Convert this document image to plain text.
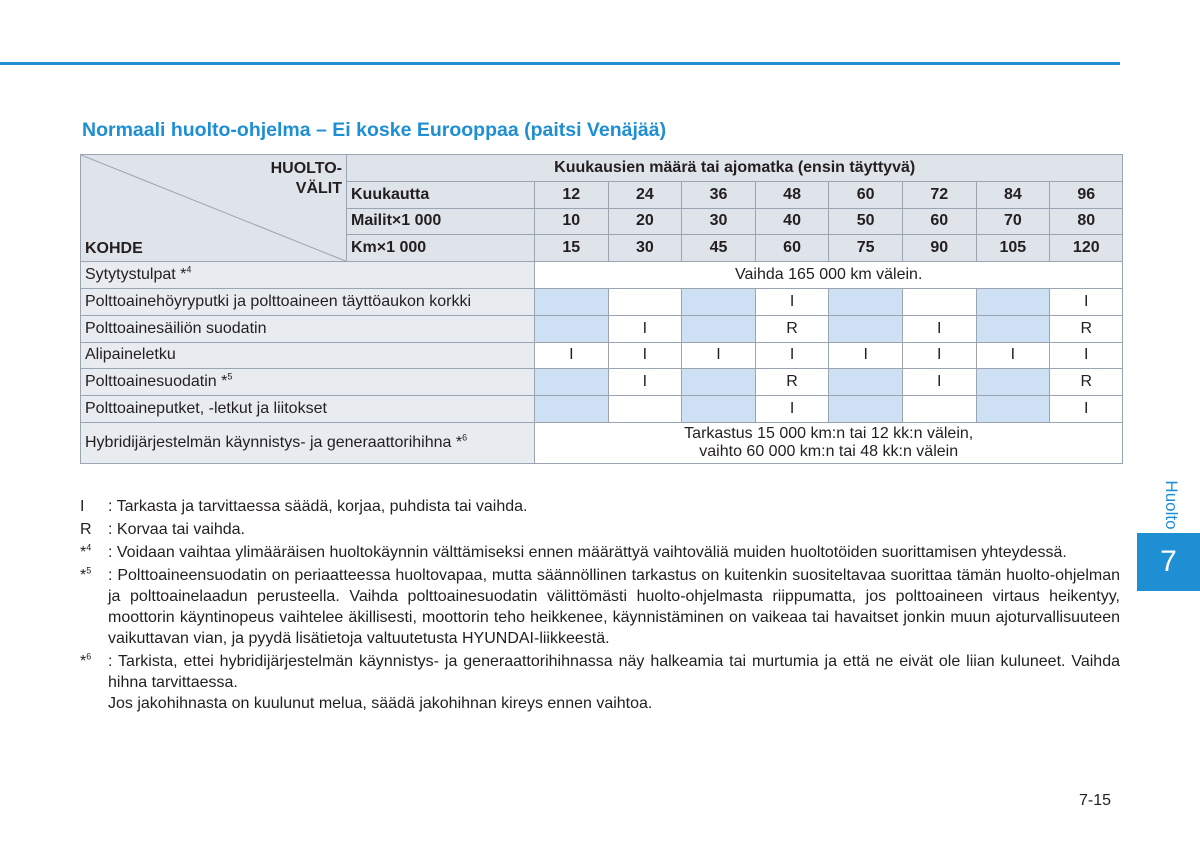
Normaali huolto-ohjelma – Ei koske Eurooppaa (paitsi Venäjää)
HUOLTO-
VÄLIT
KOHDE	Kuukausien määrä tai ajomatka (ensin täyttyvä)								
	Kuukautta	12	24	36	48	60	72	84	96
	Mailit×1 000	10	20	30	40	50	60	70	80
	Km×1 000	15	30	45	60	75	90	105	120
Sytytystulpat *$^4$		Vaihda 165 000 km välein.							
Polttoainehöyryputki ja polttoaineen täyttöaukon korkki					I				I
Polttoainesäiliön suodatin			I		R		I		R
Alipaineletku		I	I	I	I	I	I	I	I
Polttoainesuodatin *$^5$			I		R		I		R
Polttoaineputket, -letkut ja liitokset					I				I
Hybridijärjestelmän käynnistys- ja generaattorihihna *$^6$		Tarkastus 15 000 km:n tai 12 kk:n välein,
vaihto 60 000 km:n tai 48 kk:n välein							
I	: Tarkasta ja tarvittaessa säädä, korjaa, puhdista tai vaihda.
R	: Korvaa tai vaihda.
*$^4$	: Voidaan vaihtaa ylimääräisen huoltokäynnin välttämiseksi ennen määrättyä vaihtoväliä muiden huoltotöiden suorittamisen yhteydessä.
*$^5$	: Polttoaineensuodatin on periaatteessa huoltovapaa, mutta säännöllinen tarkastus on kuitenkin suositeltavaa suorittaa tämän huolto-ohjelman ja polttoainelaadun perusteella. Vaihda polttoainesuodatin välittömästi huolto-ohjelmasta riippumatta, jos polttoaineen virtaus heikentyy, moottorin käyntinopeus vaihtelee äkillisesti, moottorin teho heikkenee, käynnistäminen on vaikeaa tai havaitset jonkin muun ajoturvallisuuteen vaikuttavan vian, ja pyydä lisätietoja valtuutetusta HYUNDAI-liikkeestä.
*$^6$	: Tarkista, ettei hybridijärjestelmän käynnistys- ja generaattorihihnassa näy halkeamia tai murtumia ja että ne eivät ole liian kuluneet. Vaihda hihna tarvittaessa.
Jos jakohihnasta on kuulunut melua, säädä jakohihnan kireys ennen vaihtoa.
Huolto
7
7-15
